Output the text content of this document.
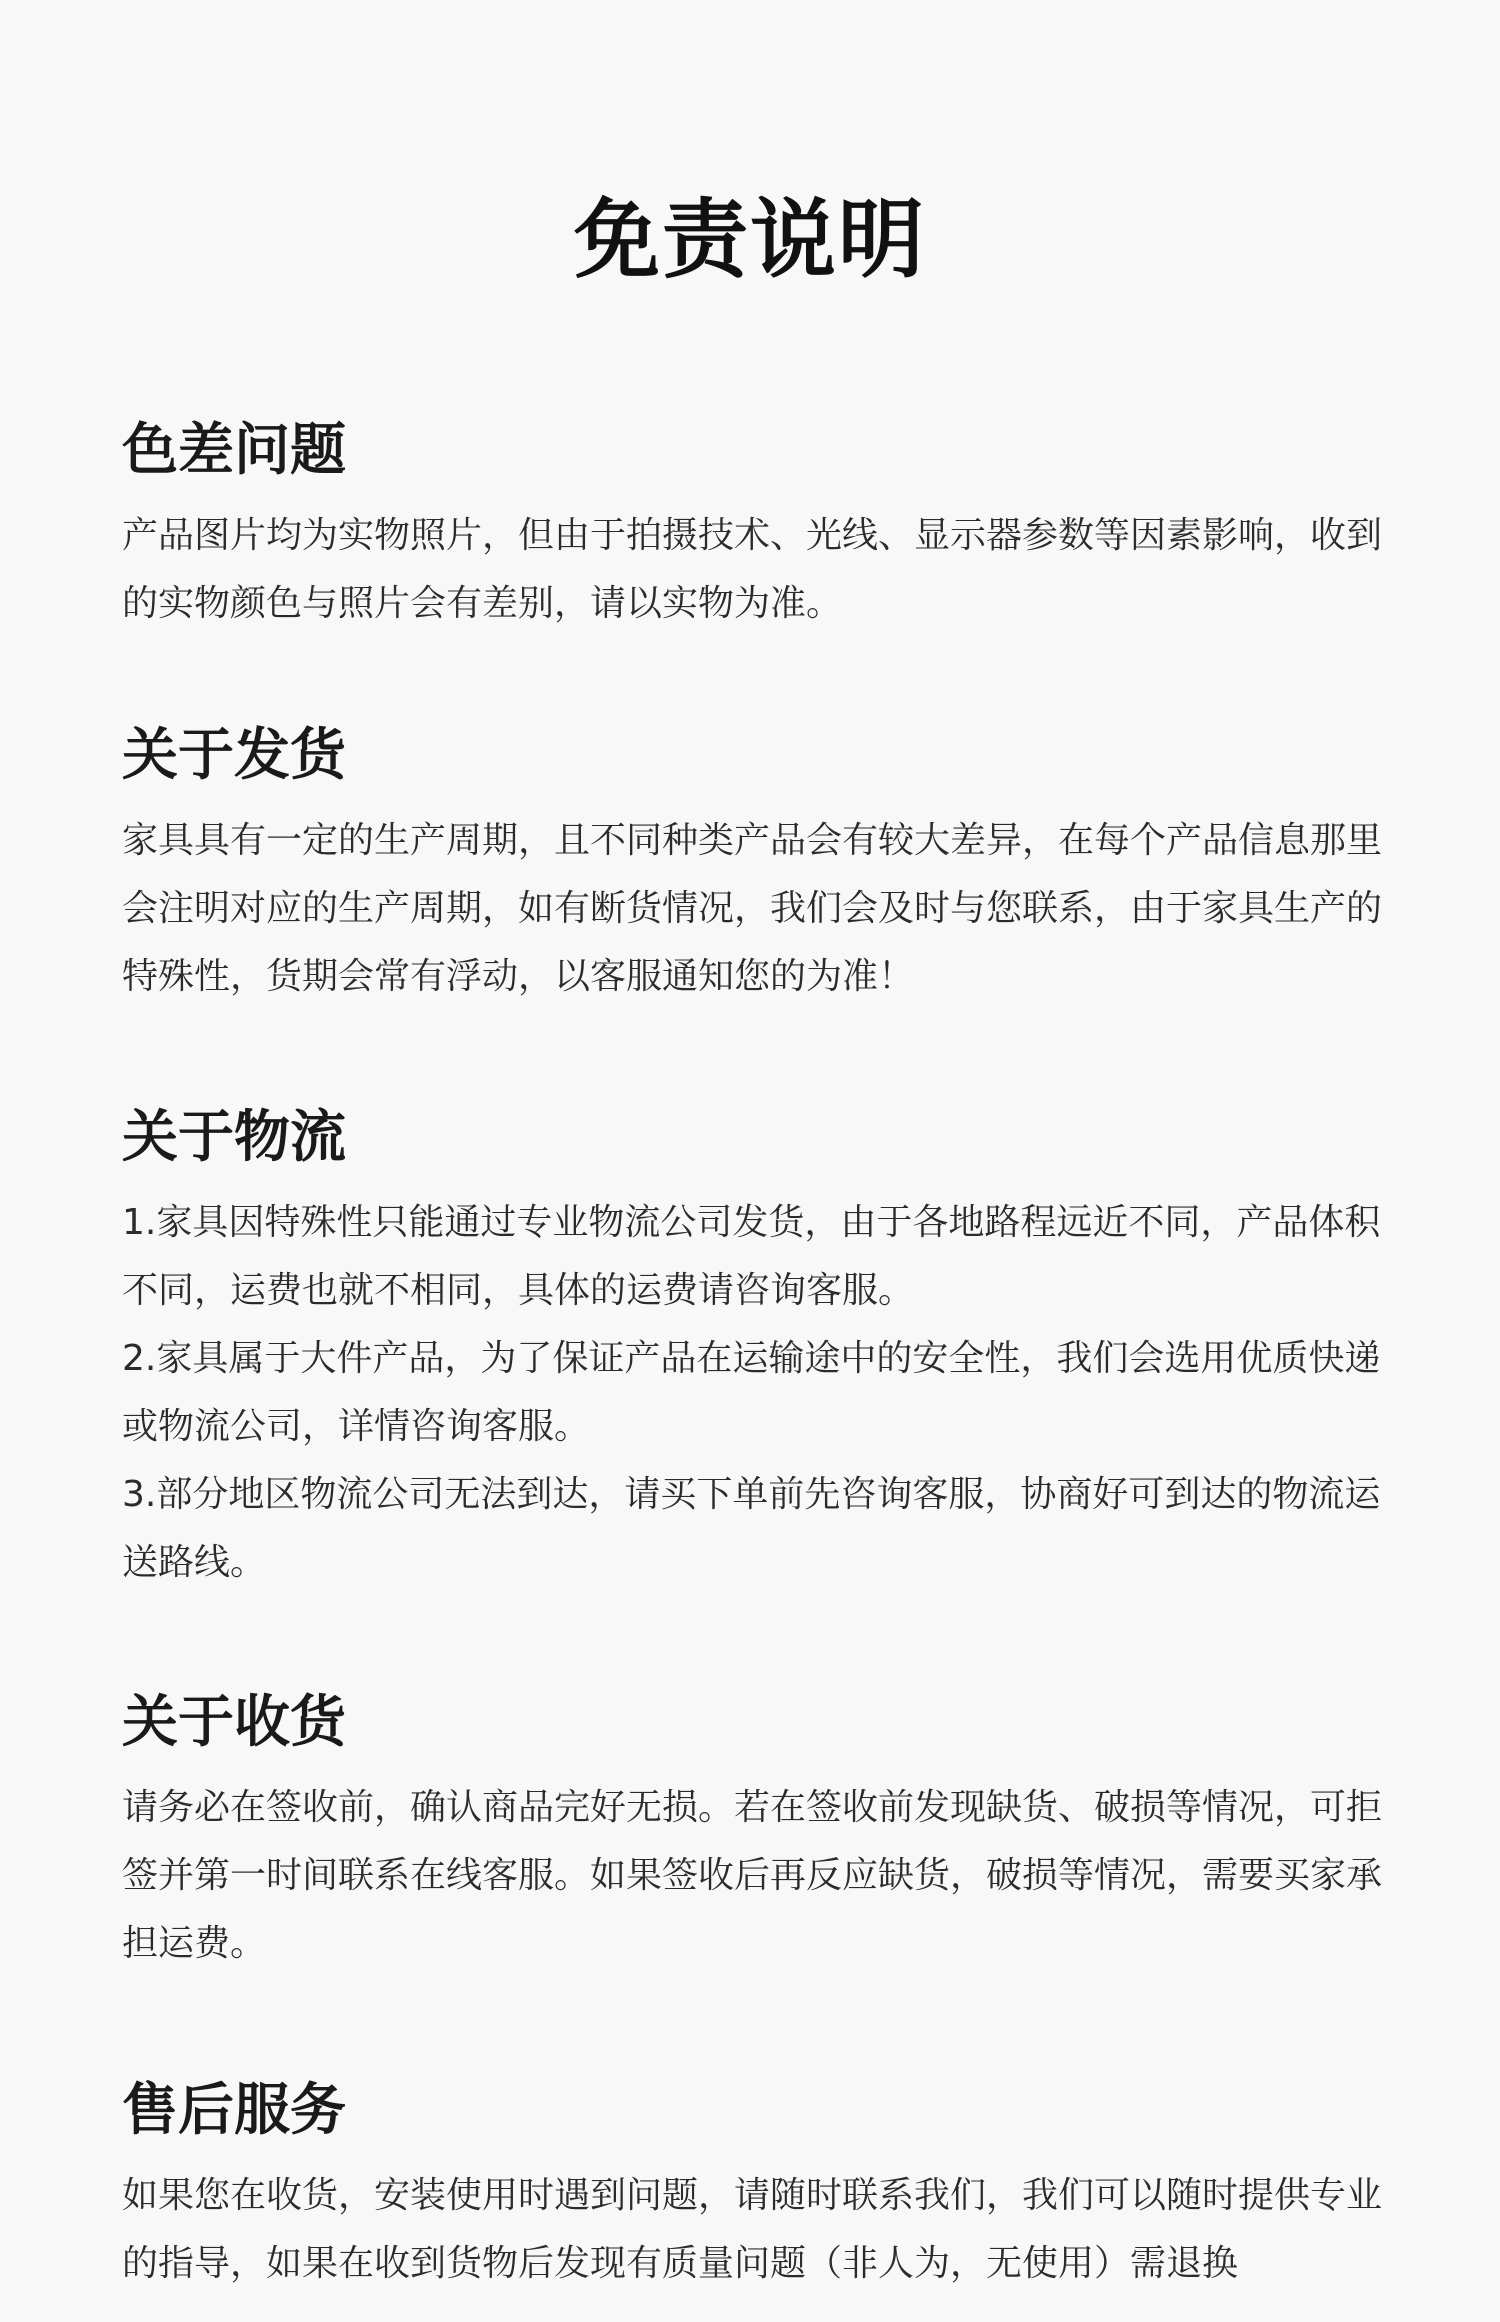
免责说明
色差问题

产品图片均为实物照片，但由于拍摄技术、光线、显示器参数等因素影响，收到的实物颜色与照片会有差别，请以实物为准。

关于发货

家具具有一定的生产周期，且不同种类产品会有较大差异，在每个产品信息那里会注明对应的生产周期，如有断货情况，我们会及时与您联系，由于家具生产的特殊性，货期会常有浮动，以客服通知您的为准！

关于物流

1.家具因特殊性只能通过专业物流公司发货，由于各地路程远近不同，产品体积不同，运费也就不相同，具体的运费请咨询客服。

2.家具属于大件产品，为了保证产品在运输途中的安全性，我们会选用优质快递或物流公司，详情咨询客服。

3.部分地区物流公司无法到达，请买下单前先咨询客服，协商好可到达的物流运送路线。

关于收货

请务必在签收前，确认商品完好无损。若在签收前发现缺货、破损等情况，可拒签并第一时间联系在线客服。如果签收后再反应缺货，破损等情况，需要买家承担运费。

售后服务

如果您在收货，安装使用时遇到问题，请随时联系我们，我们可以随时提供专业的指导，如果在收到货物后发现有质量问题（非人为，无使用）需退换
